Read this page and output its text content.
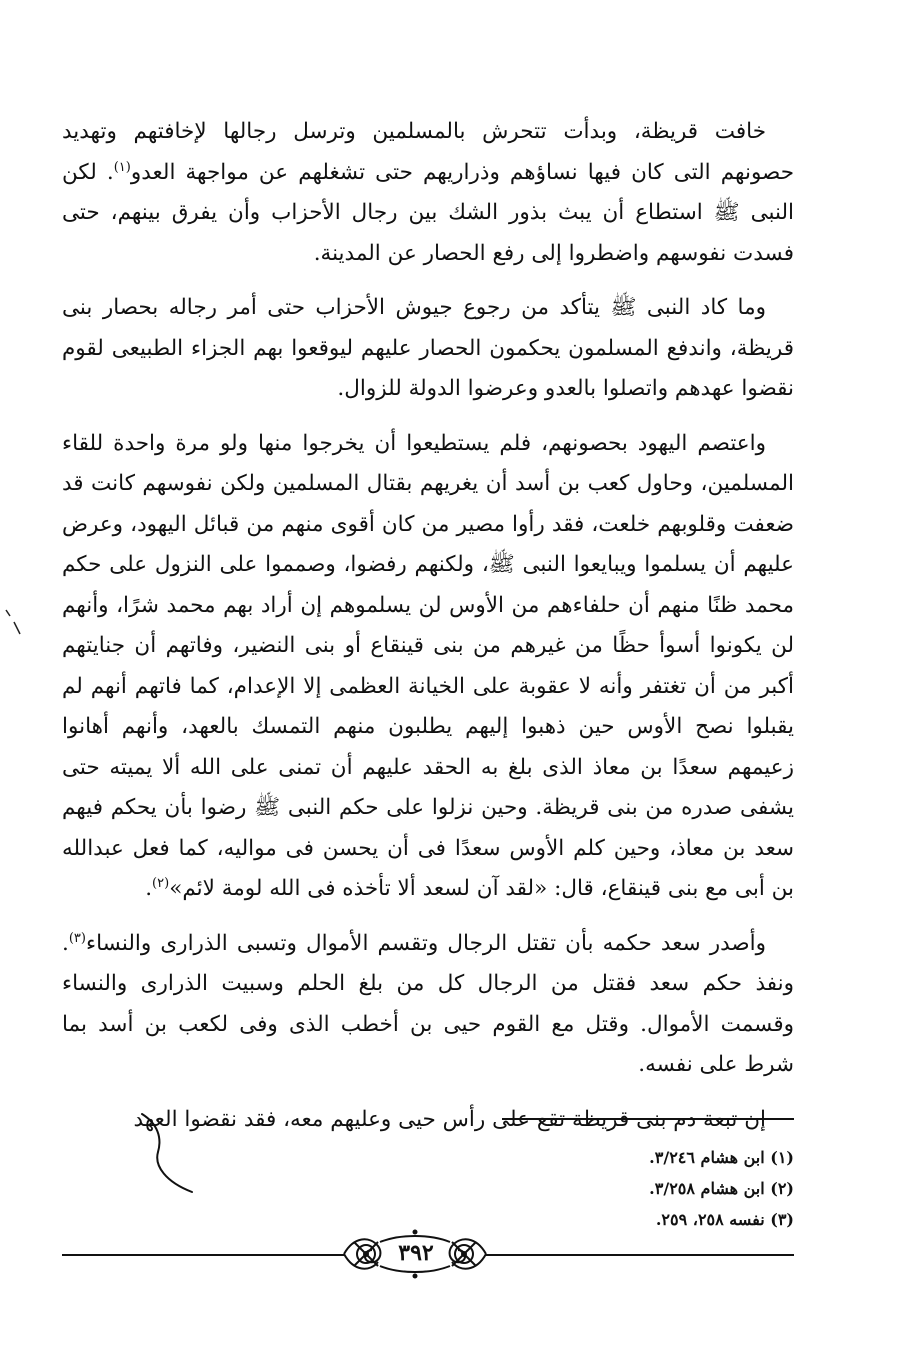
خافت قريظة، وبدأت تتحرش بالمسلمين وترسل رجالها لإخافتهم وتهديد حصونهم التى كان فيها نساؤهم وذراريهم حتى تشغلهم عن مواجهة العدو$^{(١)}$. لكن النبى ﷺ استطاع أن يبث بذور الشك بين رجال الأحزاب وأن يفرق بينهم، حتى فسدت نفوسهم واضطروا إلى رفع الحصار عن المدينة.

وما كاد النبى ﷺ يتأكد من رجوع جيوش الأحزاب حتى أمر رجاله بحصار بنى قريظة، واندفع المسلمون يحكمون الحصار عليهم ليوقعوا بهم الجزاء الطبيعى لقوم نقضوا عهدهم واتصلوا بالعدو وعرضوا الدولة للزوال.

واعتصم اليهود بحصونهم، فلم يستطيعوا أن يخرجوا منها ولو مرة واحدة للقاء المسلمين، وحاول كعب بن أسد أن يغريهم بقتال المسلمين ولكن نفوسهم كانت قد ضعفت وقلوبهم خلعت، فقد رأوا مصير من كان أقوى منهم من قبائل اليهود، وعرض عليهم أن يسلموا ويبايعوا النبى ﷺ، ولكنهم رفضوا، وصمموا على النزول على حكم محمد ظنًا منهم أن حلفاءهم من الأوس لن يسلموهم إن أراد بهم محمد شرًا، وأنهم لن يكونوا أسوأ حظًا من غيرهم من بنى قينقاع أو بنى النضير، وفاتهم أن جنايتهم أكبر من أن تغتفر وأنه لا عقوبة على الخيانة العظمى إلا الإعدام، كما فاتهم أنهم لم يقبلوا نصح الأوس حين ذهبوا إليهم يطلبون منهم التمسك بالعهد، وأنهم أهانوا زعيمهم سعدًا بن معاذ الذى بلغ به الحقد عليهم أن تمنى على الله ألا يميته حتى يشفى صدره من بنى قريظة. وحين نزلوا على حكم النبى ﷺ رضوا بأن يحكم فيهم سعد بن معاذ، وحين كلم الأوس سعدًا فى أن يحسن فى مواليه، كما فعل عبدالله بن أبى مع بنى قينقاع، قال: «لقد آن لسعد ألا تأخذه فى الله لومة لائم»$^{(٢)}$.

وأصدر سعد حكمه بأن تقتل الرجال وتقسم الأموال وتسبى الذرارى والنساء$^{(٣)}$. ونفذ حكم سعد فقتل من الرجال كل من بلغ الحلم وسبيت الذرارى والنساء وقسمت الأموال. وقتل مع القوم حيى بن أخطب الذى وفى لكعب بن أسد بما شرط على نفسه.

إن تبعة دم بنى قريظة تقع على رأس حيى وعليهم معه، فقد نقضوا العهد

(١) ابن هشام ٣/٢٤٦.
(٢) ابن هشام ٣/٢٥٨.
(٣) نفسه ٢٥٨، ٢٥٩.
٣٩٢
